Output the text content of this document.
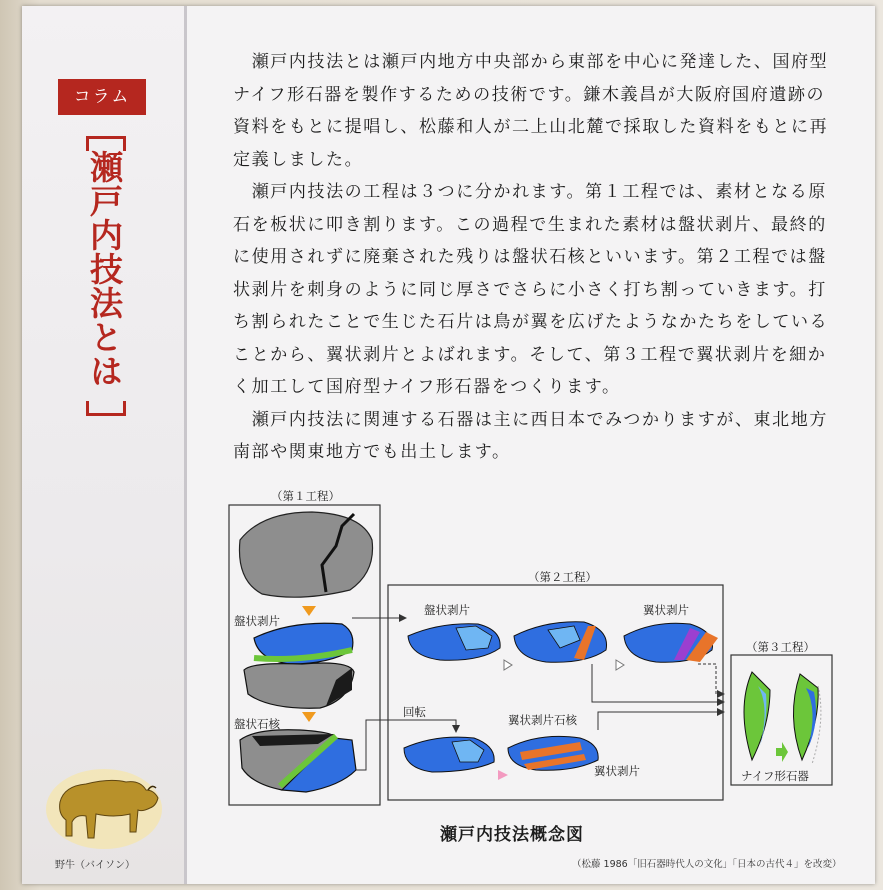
コラム
瀬戸内技法とは

瀬戸内技法とは瀬戸内地方中央部から東部を中心に発達した、国府型ナイフ形石器を製作するための技術です。鎌木義昌が大阪府国府遺跡の資料をもとに提唱し、松藤和人が二上山北麓で採取した資料をもとに再定義しました。

瀬戸内技法の工程は３つに分かれます。第１工程では、素材となる原石を板状に叩き割ります。この過程で生まれた素材は盤状剥片、最終的に使用されずに廃棄された残りは盤状石核といいます。第２工程では盤状剥片を刺身のように同じ厚さでさらに小さく打ち割っていきます。打ち割られたことで生じた石片は鳥が翼を広げたようなかたちをしていることから、翼状剥片とよばれます。そして、第３工程で翼状剥片を細かく加工して国府型ナイフ形石器をつくります。

瀬戸内技法に関連する石器は主に西日本でみつかりますが、東北地方南部や関東地方でも出土します。

（第１工程）
（第２工程）
（第３工程）
盤状剥片
盤状石核
盤状剥片	翼状剥片
回転
翼状剥片石核
翼状剥片	ナイフ形石器
瀬戸内技法概念図
（松藤 1986「旧石器時代人の文化」「日本の古代４」を改変）
野牛（バイソン）
